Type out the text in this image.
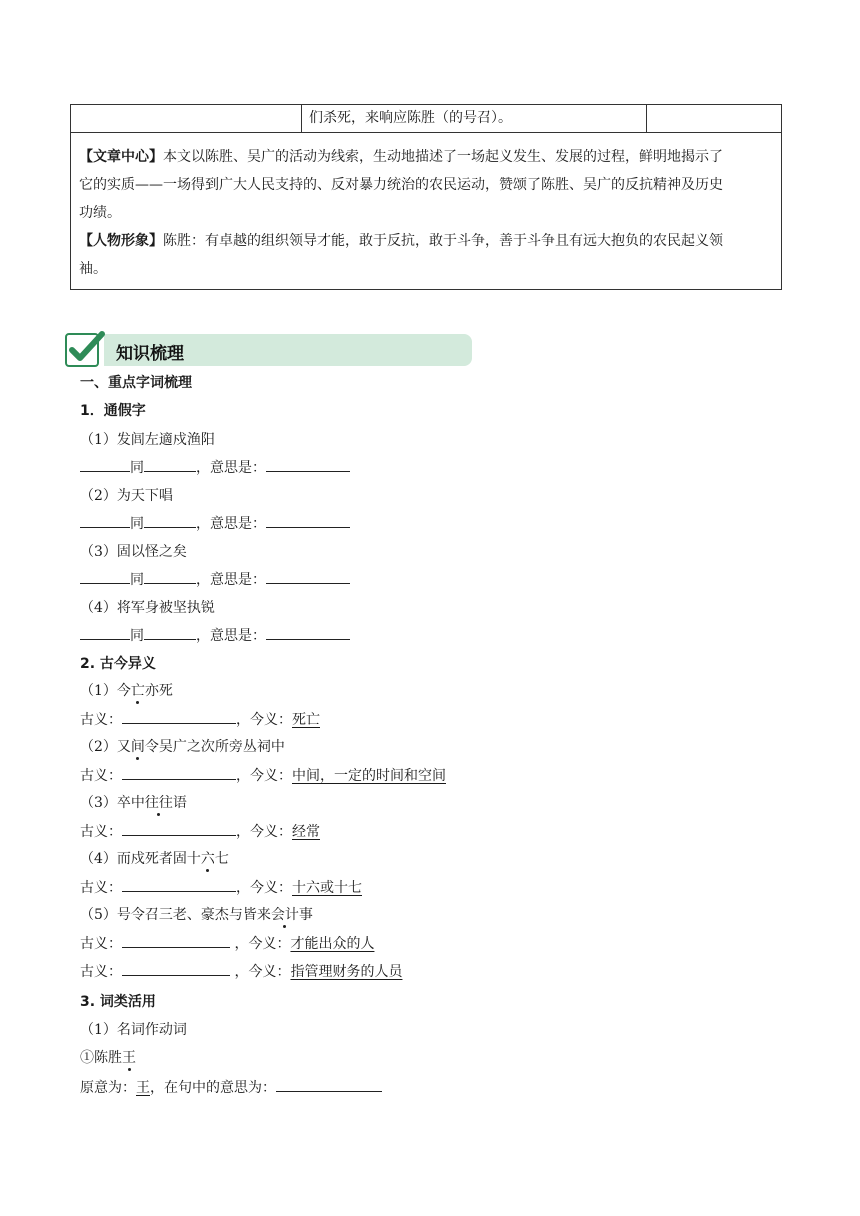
们杀死，来响应陈胜（的号召）。

【文章中心】本文以陈胜、吴广的活动为线索，生动地描述了一场起义发生、发展的过程，鲜明地揭示了

它的实质——一场得到广大人民支持的、反对暴力统治的农民运动，赞颂了陈胜、吴广的反抗精神及历史

功绩。

【人物形象】陈胜：有卓越的组织领导才能，敢于反抗，敢于斗争，善于斗争且有远大抱负的农民起义领

袖。

知识梳理
一、重点字词梳理
1．通假字
（1）发闾左適戍渔阳
同	，意思是：
（2）为天下唱
同	，意思是：
（3）固以怪之矣
同	，意思是：
（4）将军身被坚执锐
同	，意思是：
2. 古今异义
（1）今亡亦死
古义：	，今义：死亡
（2）又间令吴广之次所旁丛祠中
古义：	，今义：中间，一定的时间和空间
（3）卒中往往语
古义：	，今义：经常
（4）而戍死者固十六七
古义：	，今义：十六或十七
（5）号令召三老、豪杰与皆来会计事
古义：	，今义：才能出众的人
古义：	，今义：指管理财务的人员
3. 词类活用
（1）名词作动词
①陈胜王
原意为：王，在句中的意思为：
